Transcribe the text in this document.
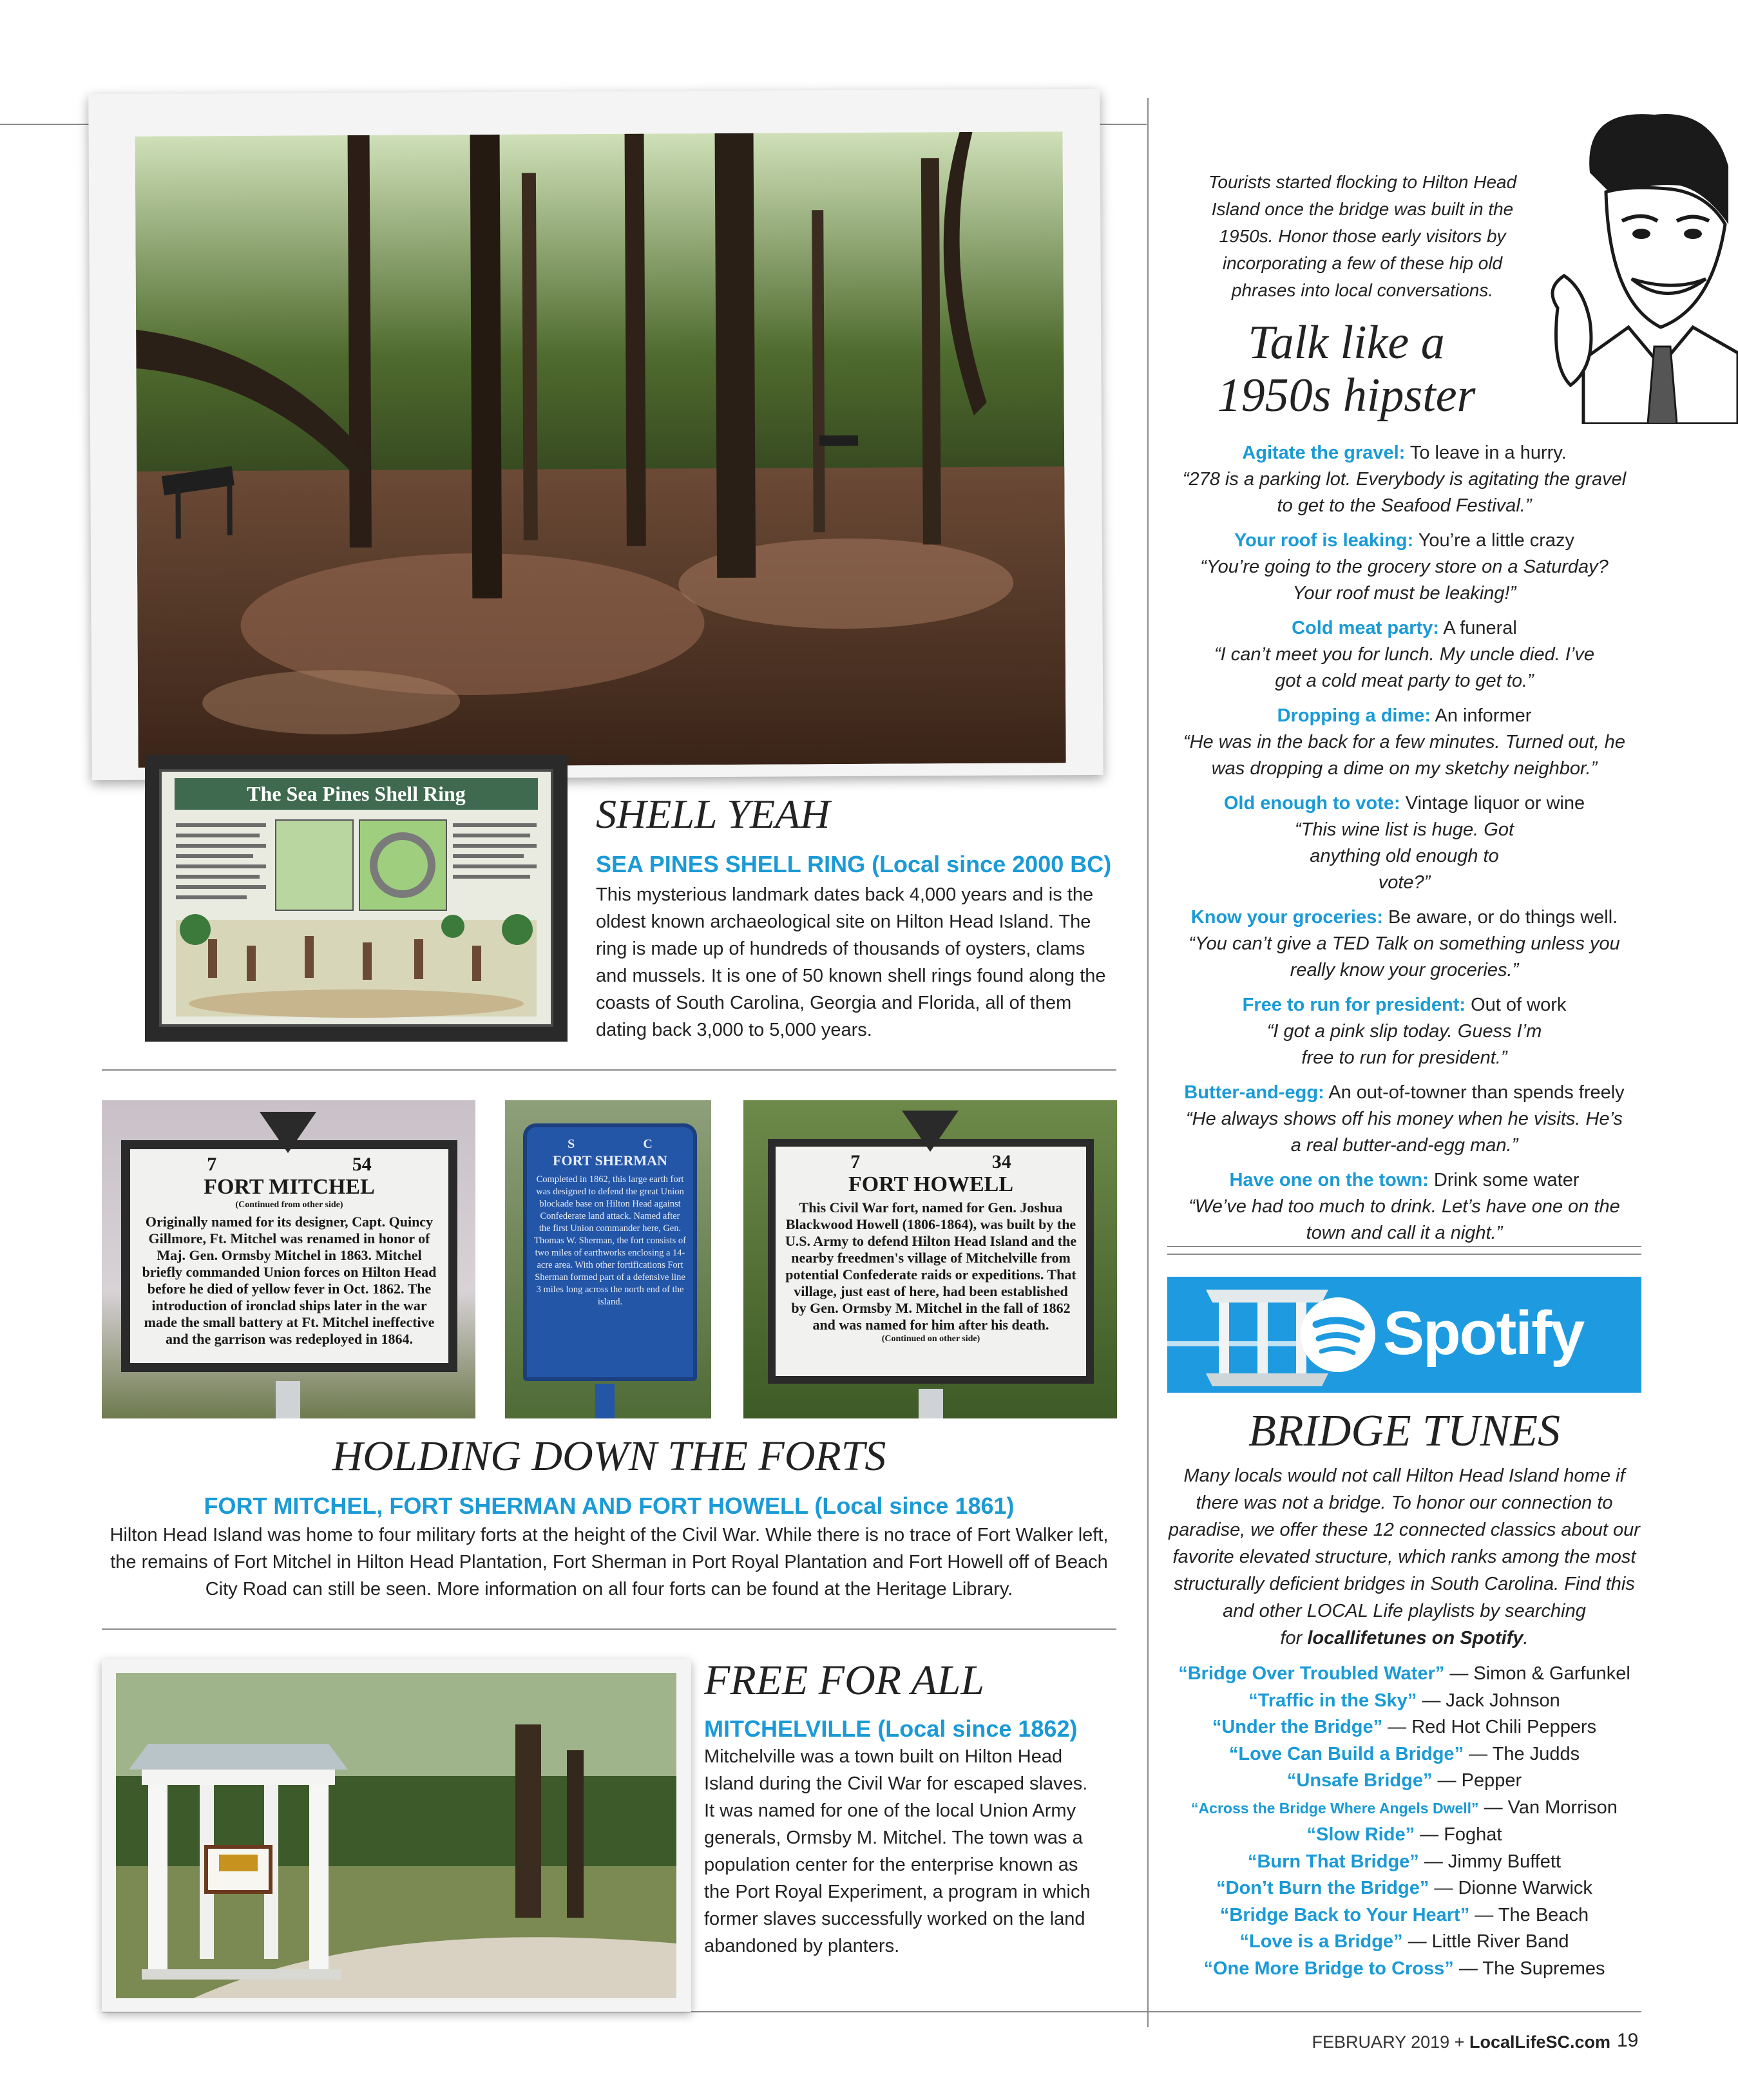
The Sea Pines Shell Ring	SHELL YEAH
SEA PINES SHELL RING (Local since 2000 BC)
This mysterious landmark dates back 4,000 years and is the oldest known archaeological site on Hilton Head Island. The ring is made up of hundreds of thousands of oysters, clams and mussels. It is one of 50 known shell rings found along the coasts of South Carolina, Georgia and Florida, all of them dating back 3,000 to 5,000 years.
7	54
FORT MITCHEL
(Continued from other side)
Originally named for its designer, Capt. Quincy Gillmore, Ft. Mitchel was renamed in honor of Maj. Gen. Ormsby Mitchel in 1863. Mitchel briefly commanded Union forces on Hilton Head before he died of yellow fever in Oct. 1862. The introduction of ironclad ships later in the war made the small battery at Ft. Mitchel ineffective and the garrison was redeployed in 1864.
S	C
FORT SHERMAN
Completed in 1862, this large earth fort was designed to defend the great Union blockade base on Hilton Head against Confederate land attack. Named after the first Union commander here, Gen. Thomas W. Sherman, the fort consists of two miles of earthworks enclosing a 14-acre area. With other fortifications Fort Sherman formed part of a defensive line 3 miles long across the north end of the island.
7	34
FORT HOWELL
This Civil War fort, named for Gen. Joshua Blackwood Howell (1806-1864), was built by the U.S. Army to defend Hilton Head Island and the nearby freedmen's village of Mitchelville from potential Confederate raids or expeditions. That village, just east of here, had been established by Gen. Ormsby M. Mitchel in the fall of 1862 and was named for him after his death.
(Continued on other side)
HOLDING DOWN THE FORTS
FORT MITCHEL, FORT SHERMAN AND FORT HOWELL (Local since 1861)
Hilton Head Island was home to four military forts at the height of the Civil War. While there is no trace of Fort Walker left, the remains of Fort Mitchel in Hilton Head Plantation, Fort Sherman in Port Royal Plantation and Fort Howell off of Beach City Road can still be seen. More information on all four forts can be found at the Heritage Library.
FREE FOR ALL
MITCHELVILLE (Local since 1862)
Mitchelville was a town built on Hilton Head Island during the Civil War for escaped slaves. It was named for one of the local Union Army generals, Ormsby M. Mitchel. The town was a population center for the enterprise known as the Port Royal Experiment, a program in which former slaves successfully worked on the land abandoned by planters.
Tourists started flocking to Hilton Head Island once the bridge was built in the 1950s. Honor those early visitors by incorporating a few of these hip old phrases into local conversations.
Talk like a
1950s hipster
Agitate the gravel: To leave in a hurry.
“278 is a parking lot. Everybody is agitating the gravel to get to the Seafood Festival.”
Your roof is leaking: You’re a little crazy
“You’re going to the grocery store on a Saturday? Your roof must be leaking!”
Cold meat party: A funeral
“I can’t meet you for lunch. My uncle died. I’ve got a cold meat party to get to.”
Dropping a dime: An informer
“He was in the back for a few minutes. Turned out, he was dropping a dime on my sketchy neighbor.”
Old enough to vote: Vintage liquor or wine
“This wine list is huge. Got anything old enough to vote?”
Know your groceries: Be aware, or do things well.
“You can’t give a TED Talk on something unless you really know your groceries.”
Free to run for president: Out of work
“I got a pink slip today. Guess I’m free to run for president.”
Butter-and-egg: An out-of-towner than spends freely
“He always shows off his money when he visits. He’s a real butter-and-egg man.”
Have one on the town: Drink some water
“We’ve had too much to drink. Let’s have one on the town and call it a night.”
Spotify
BRIDGE TUNES
Many locals would not call Hilton Head Island home if there was not a bridge. To honor our connection to paradise, we offer these 12 connected classics about our favorite elevated structure, which ranks among the most structurally deficient bridges in South Carolina. Find this and other LOCAL Life playlists by searching
for locallifetunes on Spotify.
“Bridge Over Troubled Water” — Simon & Garfunkel
“Traffic in the Sky” — Jack Johnson
“Under the Bridge” — Red Hot Chili Peppers
“Love Can Build a Bridge” — The Judds
“Unsafe Bridge” — Pepper
“Across the Bridge Where Angels Dwell” — Van Morrison
“Slow Ride” — Foghat
“Burn That Bridge” — Jimmy Buffett
“Don’t Burn the Bridge” — Dionne Warwick
“Bridge Back to Your Heart” — The Beach
“Love is a Bridge” — Little River Band
“One More Bridge to Cross” — The Supremes
FEBRUARY 2019 + LocalLifeSC.com 19
